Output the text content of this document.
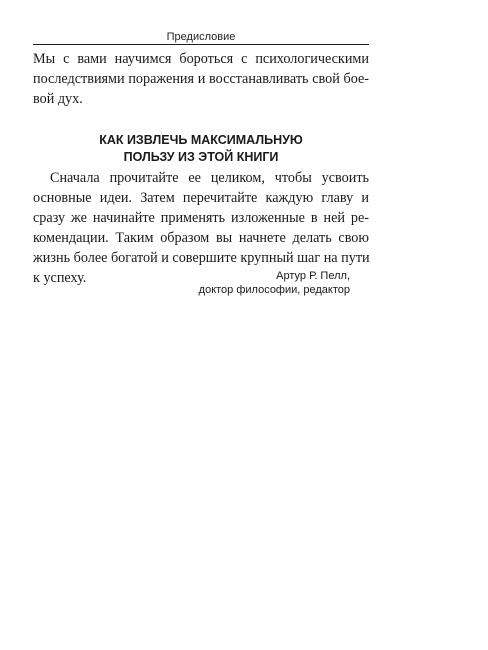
Предисловие

Мы с вами научимся бороться с психологическими
последствиями поражения и восстанавливать свой бое-
вой дух.

КАК ИЗВЛЕЧЬ МАКСИМАЛЬНУЮ
ПОЛЬЗУ ИЗ ЭТОЙ КНИГИ

Сначала прочитайте ее целиком, чтобы усвоить
основные идеи. Затем перечитайте каждую главу и
сразу же начинайте применять изложенные в ней ре-
комендации. Таким образом вы начнете делать свою
жизнь более богатой и совершите крупный шаг на пути
к успеху.	Артур Р. Пелл,
доктор философии, редактор
